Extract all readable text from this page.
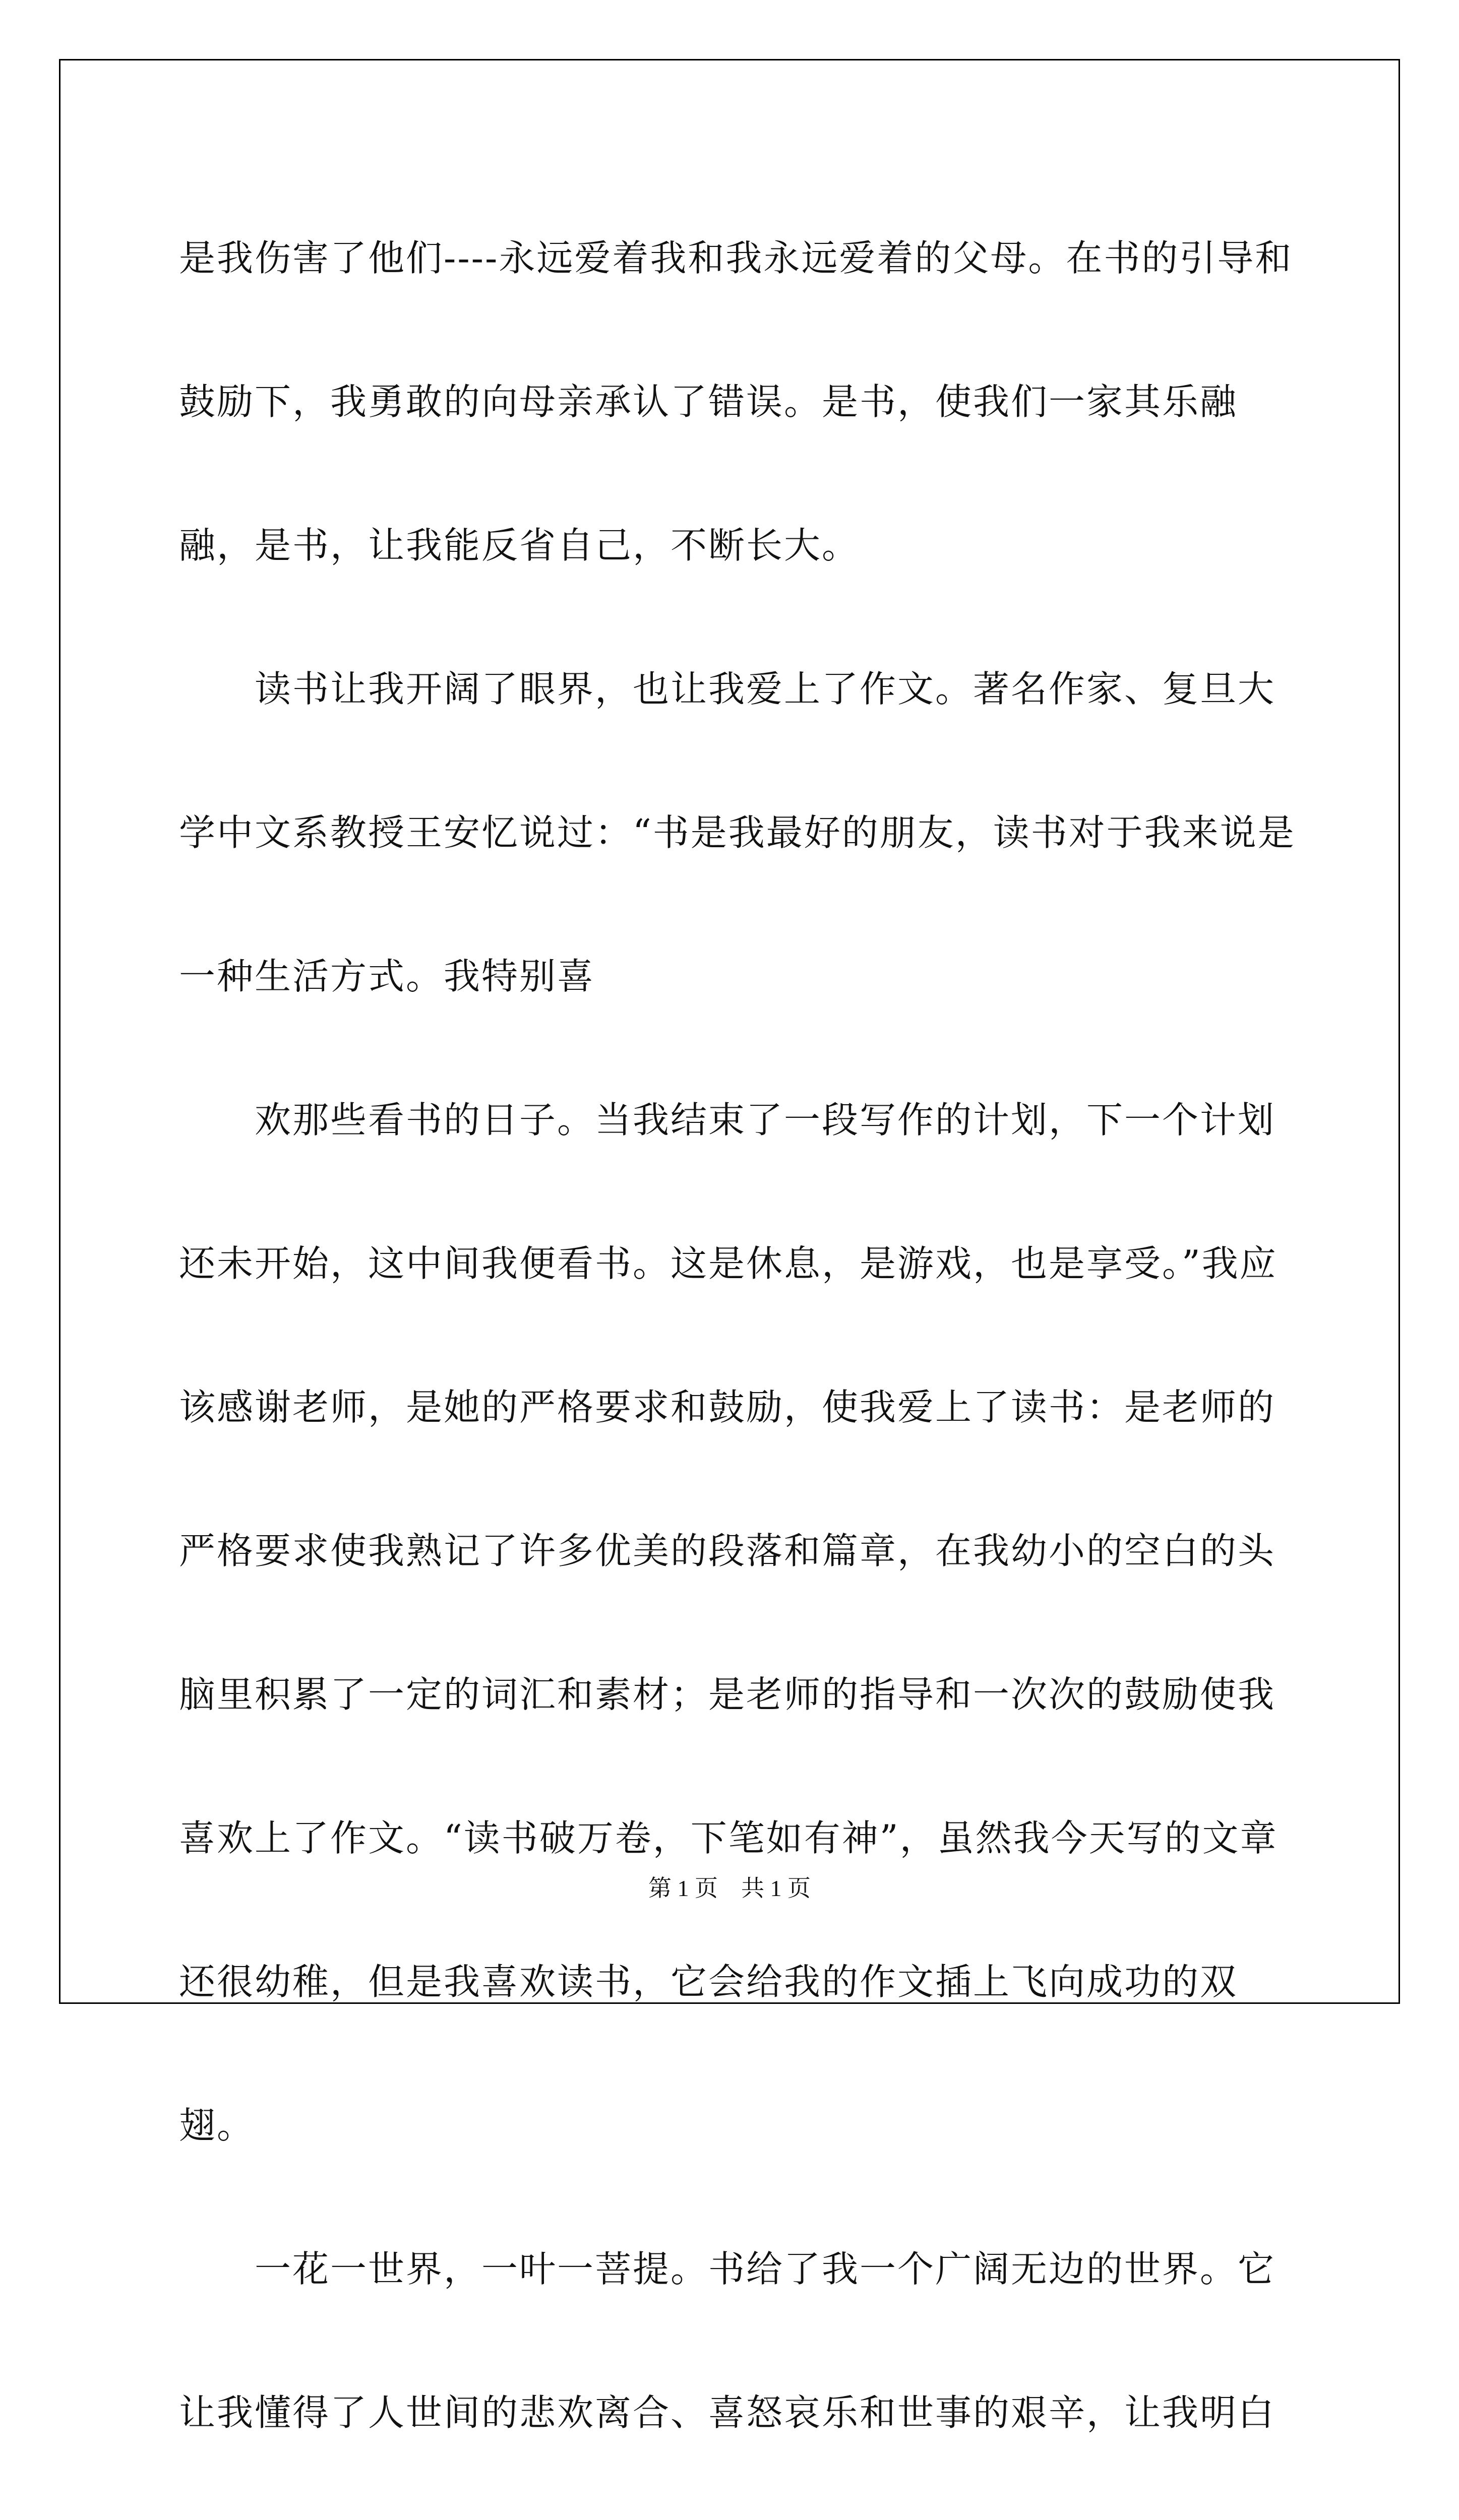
是我伤害了他们----永远爱着我和我永远爱着的父母。在书的引导和鼓励下，我勇敢的向母亲承认了错误。是书，使我们一家其乐融融，是书，让我能反省自己，不断长大。

读书让我开阔了眼界，也让我爱上了作文。著名作家、复旦大学中文系教授王安忆说过：“书是我最好的朋友，读书对于我来说是一种生活方式。我特别喜

欢那些看书的日子。当我结束了一段写作的计划，下一个计划还未开始，这中间我便看书。这是休息，是游戏，也是享受。”我应该感谢老师，是她的严格要求和鼓励，使我爱上了读书：是老师的严格要求使我熟记了许多优美的段落和篇章，在我幼小的空白的头脑里积累了一定的词汇和素材；是老师的指导和一次次的鼓励使我喜欢上了作文。“读书破万卷，下笔如有神”，虽然我今天写的文章还很幼稚，但是我喜欢读书，它会给我的作文插上飞向成功的双翅。

一花一世界，一叶一菩提。书给了我一个广阔无边的世界。它让我懂得了人世间的悲欢离合、喜怒哀乐和世事的艰辛，让我明白

第 1 页    共 1 页
